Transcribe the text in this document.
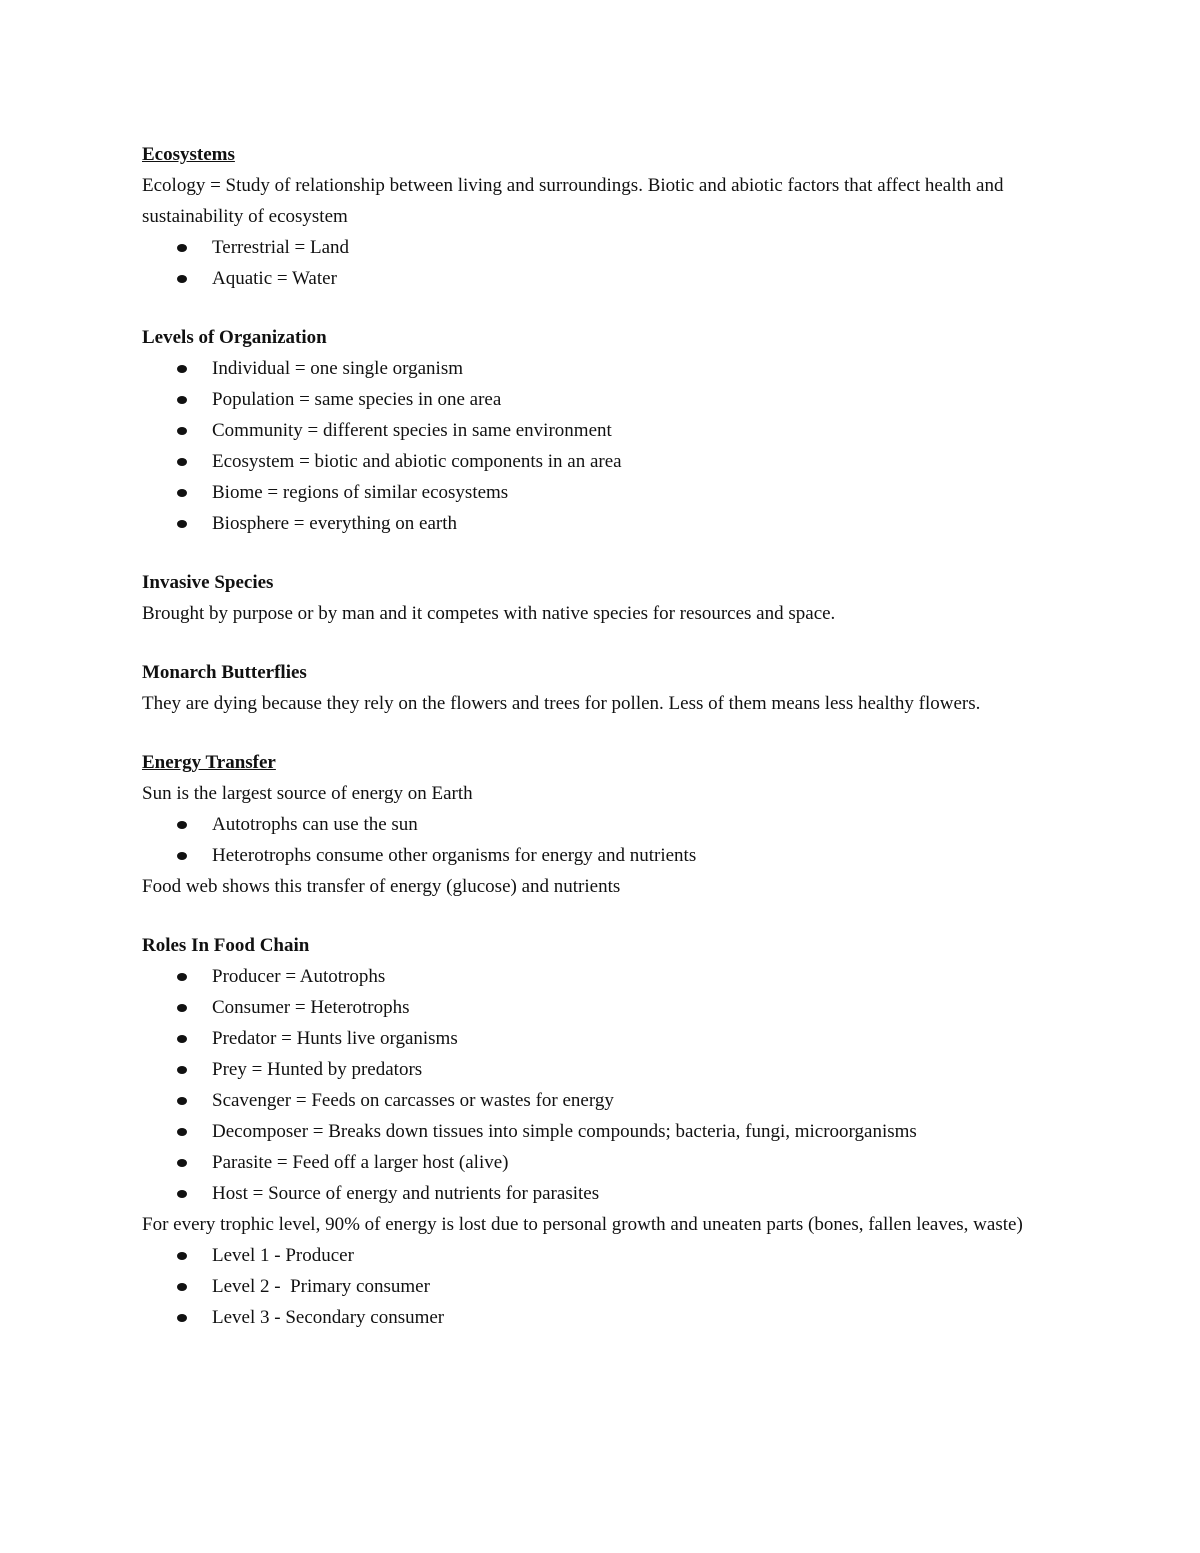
Ecosystems

Ecology = Study of relationship between living and surroundings. Biotic and abiotic factors that affect health and sustainability of ecosystem

Terrestrial = Land
Aquatic = Water

Levels of Organization

Individual = one single organism
Population = same species in one area
Community = different species in same environment
Ecosystem = biotic and abiotic components in an area
Biome = regions of similar ecosystems
Biosphere = everything on earth

Invasive Species

Brought by purpose or by man and it competes with native species for resources and space.

Monarch Butterflies

They are dying because they rely on the flowers and trees for pollen. Less of them means less healthy flowers.

Energy Transfer

Sun is the largest source of energy on Earth

Autotrophs can use the sun
Heterotrophs consume other organisms for energy and nutrients

Food web shows this transfer of energy (glucose) and nutrients

Roles In Food Chain

Producer = Autotrophs
Consumer = Heterotrophs
Predator = Hunts live organisms
Prey = Hunted by predators
Scavenger = Feeds on carcasses or wastes for energy
Decomposer = Breaks down tissues into simple compounds; bacteria, fungi, microorganisms
Parasite = Feed off a larger host (alive)
Host = Source of energy and nutrients for parasites

For every trophic level, 90% of energy is lost due to personal growth and uneaten parts (bones, fallen leaves, waste)

Level 1 - Producer
Level 2 -  Primary consumer
Level 3 - Secondary consumer
